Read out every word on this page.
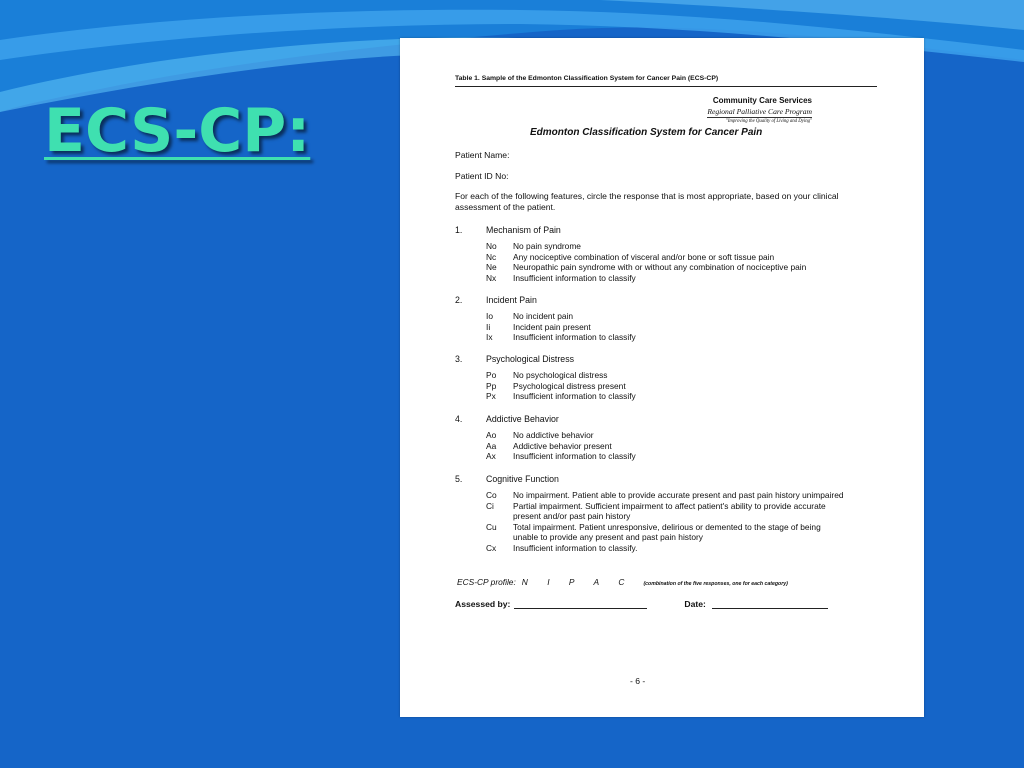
ECS-CP:
Table 1. Sample of the Edmonton Classification System for Cancer Pain (ECS-CP)
Community Care Services
Regional Palliative Care Program
"Improving the Quality of Living and Dying"
Edmonton Classification System for Cancer Pain
Patient Name:
Patient ID No:
For each of the following features, circle the response that is most appropriate, based on your clinical assessment of the patient.
1.	Mechanism of Pain
No	No pain syndrome
Nc	Any nociceptive combination of visceral and/or bone or soft tissue pain
Ne	Neuropathic pain syndrome with or without any combination of nociceptive pain
Nx	Insufficient information to classify
2.	Incident Pain
Io	No incident pain
Ii	Incident pain present
Ix	Insufficient information to classify
3.	Psychological Distress
Po	No psychological distress
Pp	Psychological distress present
Px	Insufficient information to classify
4.	Addictive Behavior
Ao	No addictive behavior
Aa	Addictive behavior present
Ax	Insufficient information to classify
5.	Cognitive Function
Co	No impairment. Patient able to provide accurate present and past pain history unimpaired
Ci	Partial impairment. Sufficient impairment to affect patient's ability to provide accurate present and/or past pain history
Cu	Total impairment. Patient unresponsive, delirious or demented to the stage of being unable to provide any present and past pain history
Cx	Insufficient information to classify.
ECS-CP profile: N I P A C	(combination of the five responses, one for each category)
Assessed by:	Date:
- 6 -
